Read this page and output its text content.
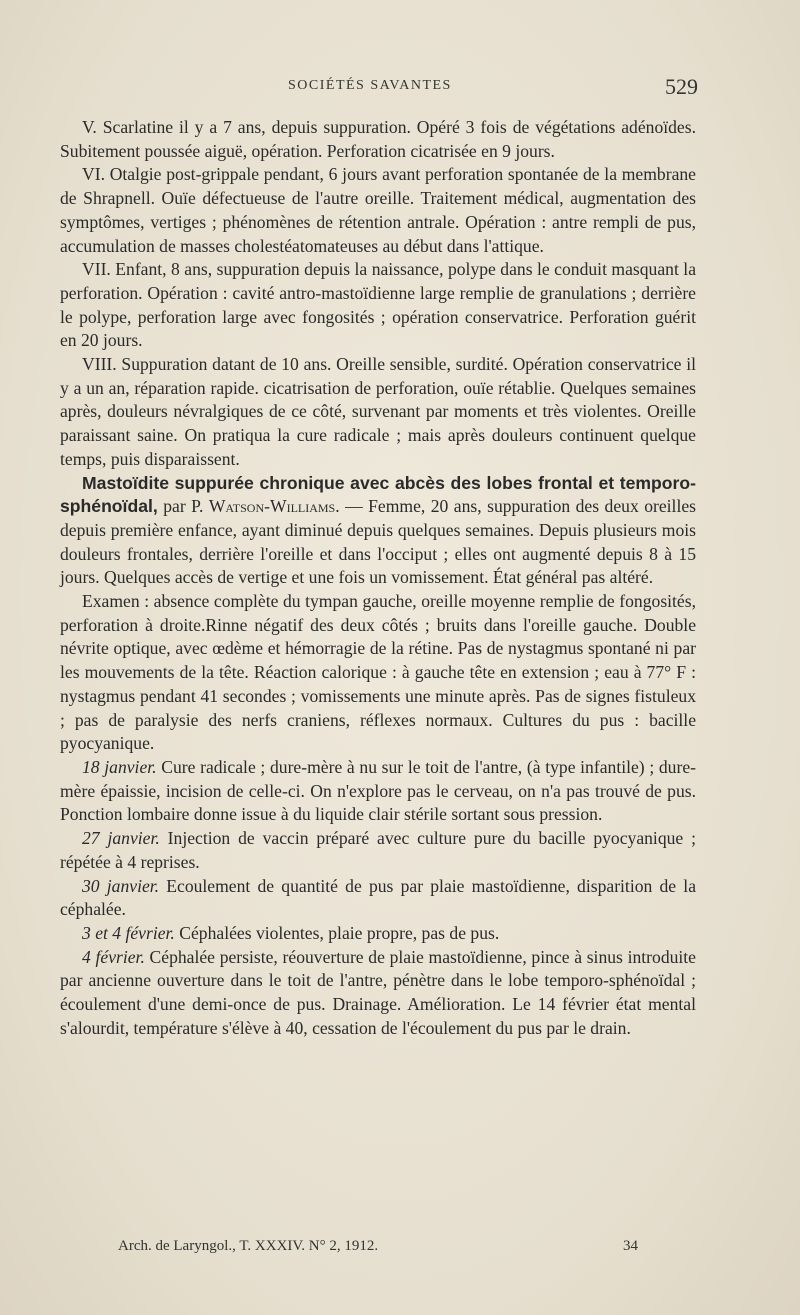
SOCIÉTÉS SAVANTES	529

V. Scarlatine il y a 7 ans, depuis suppuration. Opéré 3 fois de végétations adénoïdes. Subitement poussée aiguë, opération. Perforation cicatrisée en 9 jours.

VI. Otalgie post-grippale pendant, 6 jours avant perforation spontanée de la membrane de Shrapnell. Ouïe défectueuse de l'autre oreille. Traitement médical, augmentation des symptômes, vertiges ; phénomènes de rétention antrale. Opération : antre rempli de pus, accumulation de masses cholestéatomateuses au début dans l'attique.

VII. Enfant, 8 ans, suppuration depuis la naissance, polype dans le conduit masquant la perforation. Opération : cavité antro-mastoïdienne large remplie de granulations ; derrière le polype, perforation large avec fongosités ; opération conservatrice. Perforation guérit en 20 jours.

VIII. Suppuration datant de 10 ans. Oreille sensible, surdité. Opération conservatrice il y a un an, réparation rapide. cicatrisation de perforation, ouïe rétablie. Quelques semaines après, douleurs névralgiques de ce côté, survenant par moments et très violentes. Oreille paraissant saine. On pratiqua la cure radicale ; mais après douleurs continuent quelque temps, puis disparaissent.

Mastoïdite suppurée chronique avec abcès des lobes frontal et temporo-sphénoïdal, par P. Watson-Williams. — Femme, 20 ans, suppuration des deux oreilles depuis première enfance, ayant diminué depuis quelques semaines. Depuis plusieurs mois douleurs frontales, derrière l'oreille et dans l'occiput ; elles ont augmenté depuis 8 à 15 jours. Quelques accès de vertige et une fois un vomissement. État général pas altéré.

Examen : absence complète du tympan gauche, oreille moyenne remplie de fongosités, perforation à droite.Rinne négatif des deux côtés ; bruits dans l'oreille gauche. Double névrite optique, avec œdème et hémorragie de la rétine. Pas de nystagmus spontané ni par les mouvements de la tête. Réaction calorique : à gauche tête en extension ; eau à 77° F : nystagmus pendant 41 secondes ; vomissements une minute après. Pas de signes fistuleux ; pas de paralysie des nerfs craniens, réflexes normaux. Cultures du pus : bacille pyocyanique.

18 janvier. Cure radicale ; dure-mère à nu sur le toit de l'antre, (à type infantile) ; dure-mère épaissie, incision de celle-ci. On n'explore pas le cerveau, on n'a pas trouvé de pus. Ponction lombaire donne issue à du liquide clair stérile sortant sous pression.

27 janvier. Injection de vaccin préparé avec culture pure du bacille pyocyanique ; répétée à 4 reprises.

30 janvier. Ecoulement de quantité de pus par plaie mastoïdienne, disparition de la céphalée.

3 et 4 février. Céphalées violentes, plaie propre, pas de pus.

4 février. Céphalée persiste, réouverture de plaie mastoïdienne, pince à sinus introduite par ancienne ouverture dans le toit de l'antre, pénètre dans le lobe temporo-sphénoïdal ; écoulement d'une demi-once de pus. Drainage. Amélioration. Le 14 février état mental s'alourdit, température s'élève à 40, cessation de l'écoulement du pus par le drain.

Arch. de Laryngol., T. XXXIV. N° 2, 1912.	34
